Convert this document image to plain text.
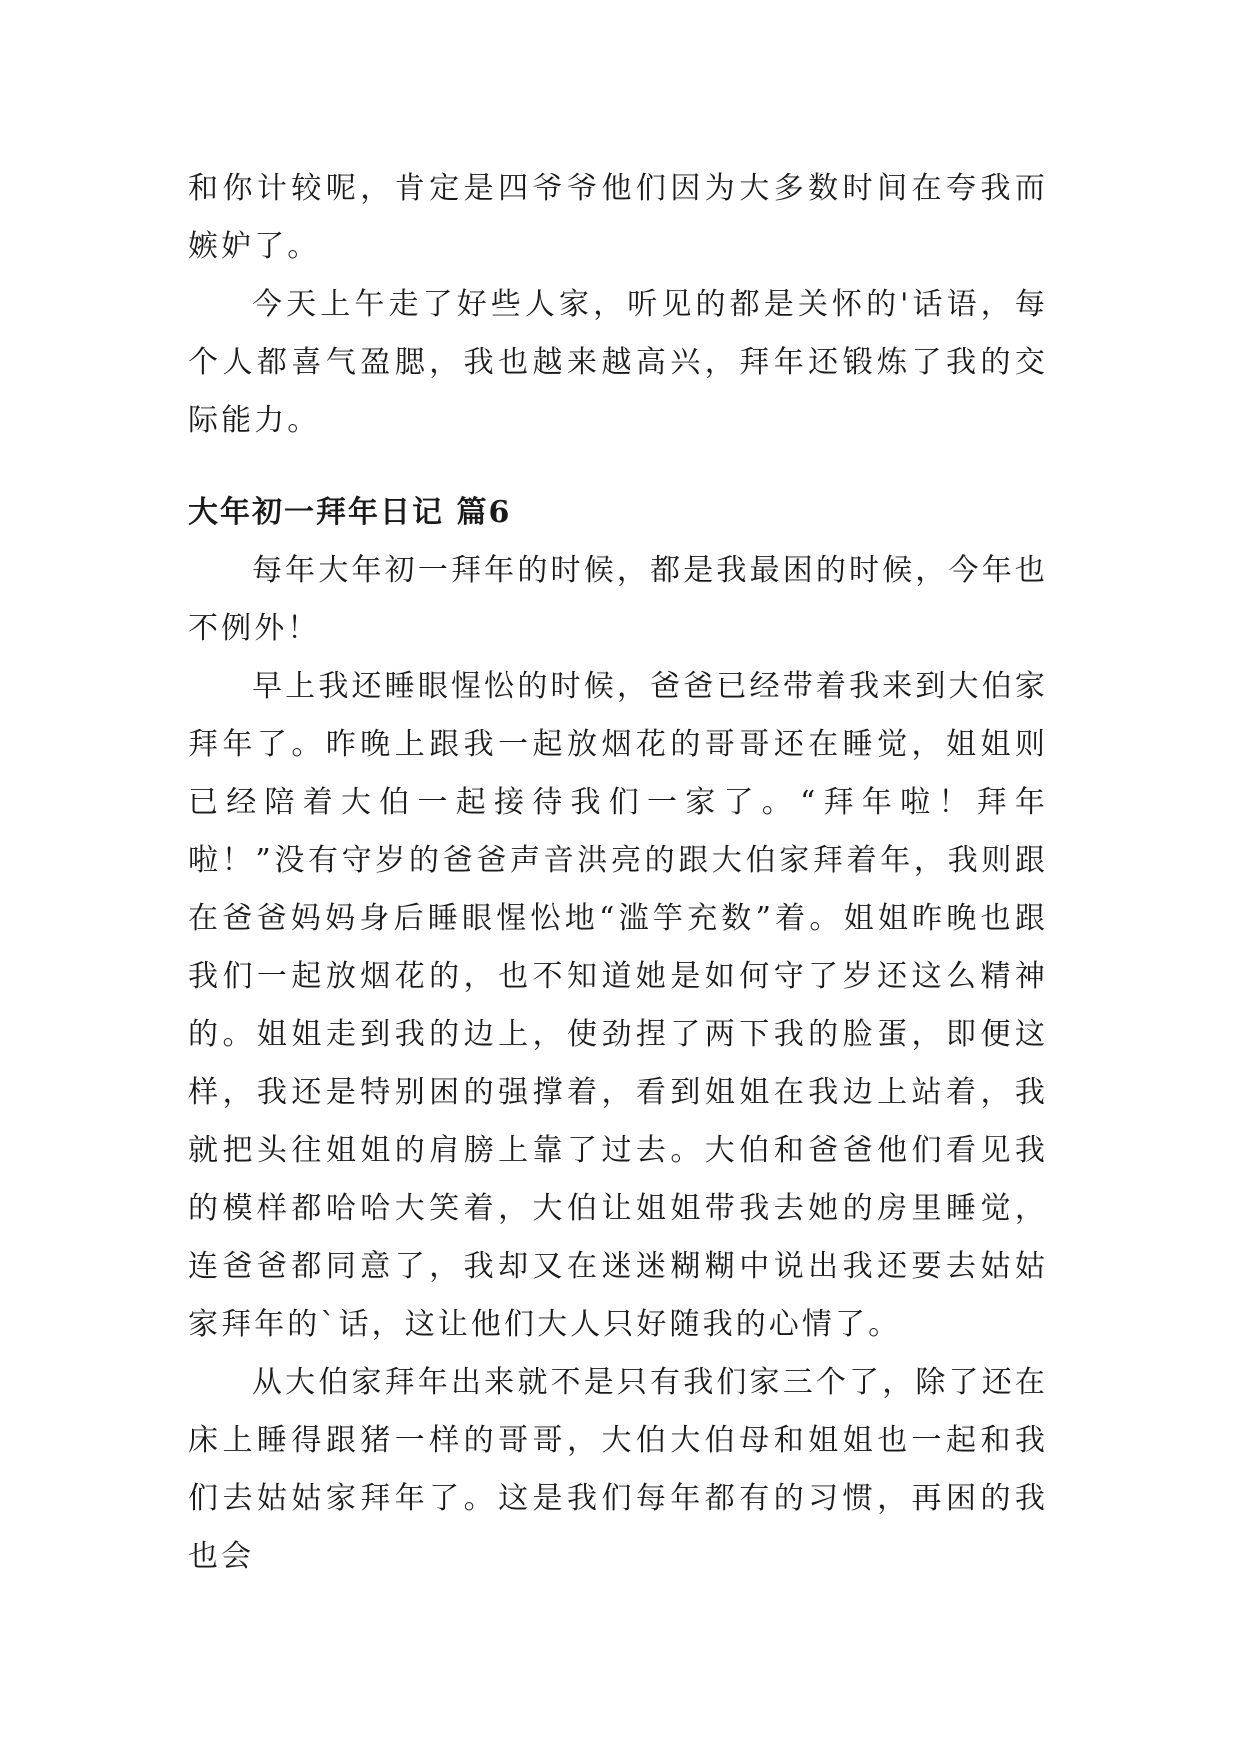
和你计较呢，肯定是四爷爷他们因为大多数时间在夸我而嫉妒了。

今天上午走了好些人家，听见的都是关怀的'话语，每个人都喜气盈腮，我也越来越高兴，拜年还锻炼了我的交际能力。

大年初一拜年日记 篇6

每年大年初一拜年的时候，都是我最困的时候，今年也不例外！

早上我还睡眼惺忪的时候，爸爸已经带着我来到大伯家拜年了。昨晚上跟我一起放烟花的哥哥还在睡觉，姐姐则已经陪着大伯一起接待我们一家了。“拜年啦！拜年啦！”没有守岁的爸爸声音洪亮的跟大伯家拜着年，我则跟在爸爸妈妈身后睡眼惺忪地“滥竽充数”着。姐姐昨晚也跟我们一起放烟花的，也不知道她是如何守了岁还这么精神的。姐姐走到我的边上，使劲捏了两下我的脸蛋，即便这样，我还是特别困的强撑着，看到姐姐在我边上站着，我就把头往姐姐的肩膀上靠了过去。大伯和爸爸他们看见我的模样都哈哈大笑着，大伯让姐姐带我去她的房里睡觉，连爸爸都同意了，我却又在迷迷糊糊中说出我还要去姑姑家拜年的`话，这让他们大人只好随我的心情了。

从大伯家拜年出来就不是只有我们家三个了，除了还在床上睡得跟猪一样的哥哥，大伯大伯母和姐姐也一起和我们去姑姑家拜年了。这是我们每年都有的习惯，再困的我也会
